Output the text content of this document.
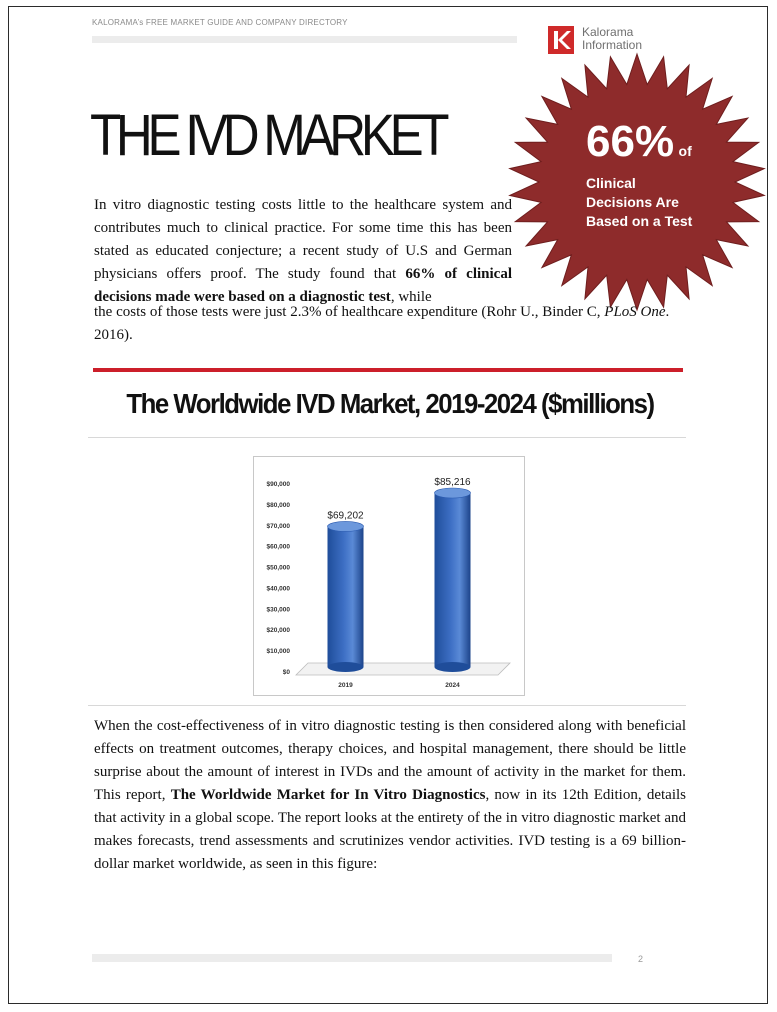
KALORAMA’s FREE MARKET GUIDE AND COMPANY DIRECTORY
Kalorama
Information
THE IVD MARKET	66% of
Clinical
Decisions Are
Based on a Test

In vitro diagnostic testing costs little to the healthcare system and contributes much to clinical practice. For some time this has been stated as educated conjecture; a recent study of U.S and German physicians offers proof. The study found that 66% of clinical decisions made were based on a diagnostic test, while

the costs of those tests were just 2.3% of healthcare expenditure (Rohr U., Binder C, PLoS One. 2016).

The Worldwide IVD Market, 2019-2024 ($millions)
$0
$10,000
$20,000
$30,000
$40,000
$50,000
$60,000
$70,000
$80,000
$90,000
$69,202
2019
$85,216
2024

When the cost-effectiveness of in vitro diagnostic testing is then considered along with beneficial effects on treatment outcomes, therapy choices, and hospital management, there should be little surprise about the amount of interest in IVDs and the amount of activity in the market for them. This report, The Worldwide Market for In Vitro Diagnostics, now in its 12th Edition, details that activity in a global scope. The report looks at the entirety of the in vitro diagnostic market and makes forecasts, trend assessments and scrutinizes vendor activities. IVD testing is a 69 billion-dollar market worldwide, as seen in this figure:

2
